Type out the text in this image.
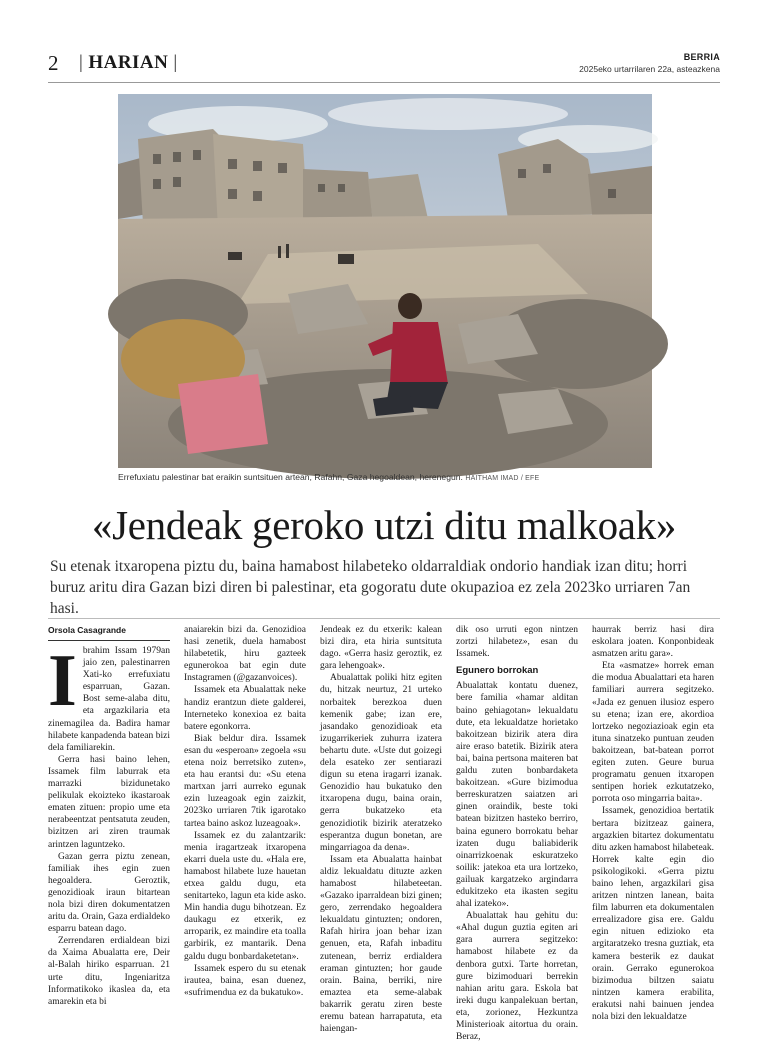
2 | HARIAN |	BERRIA
2025eko urtarrilaren 22a, asteazkena
Errefuxiatu palestinar bat eraikin suntsituen artean, Rafahn, Gaza hegoaldean, herenegun. HAITHAM IMAD / EFE
«Jendeak geroko utzi ditu malkoak»
Su etenak itxaropena piztu du, baina hamabost hilabeteko oldarraldiak ondorio handiak izan ditu; horri buruz aritu dira Gazan bizi diren bi palestinar, eta gogoratu dute okupazioa ez zela 2023ko urriaren 7an hasi.
Orsola Casagrande
I brahim Issam 1979an jaio zen, palestinarren Xati-ko errefuxiatu esparruan, Gazan. Bost seme-alaba ditu, eta argazkilaria eta zinemagilea da. Badira hamar hilabete kanpadenda batean bizi dela familiarekin.

Gerra hasi baino lehen, Issamek film laburrak eta marrazki bizidunetako pelikulak ekoizteko ikastaroak ematen zituen: propio ume eta nerabeentzat pentsatuta zeuden, bizitzen ari ziren traumak arintzen laguntzeko.

Gazan gerra piztu zenean, familiak ihes egin zuen hegoaldera. Geroztik, genozidioak iraun bitartean nola bizi diren dokumentatzen aritu da. Orain, Gaza erdialdeko esparru batean dago.

Zerrendaren erdialdean bizi da Xaima Abualatta ere, Deir al-Balah hiriko esparruan. 21 urte ditu, Ingeniaritza Informatikoko ikaslea da, eta amarekin eta bi

anaiarekin bizi da. Genozidioa hasi zenetik, duela hamabost hilabetetik, hiru gazteek egunerokoa bat egin dute Instagramen (@gazanvoices).

Issamek eta Abualattak neke handiz erantzun diete galderei, Interneteko konexioa ez baita batere egonkorra.

Biak beldur dira. Issamek esan du «esperoan» zegoela «su etena noiz berretsiko zuten», eta hau erantsi du: «Su etena martxan jarri aurreko egunak ezin luzeagoak egin zaizkit, 2023ko urriaren 7tik igarotako tartea baino askoz luzeagoak».

Issamek ez du zalantzarik: menia iragartzeak itxaropena ekarri duela uste du. «Hala ere, hamabost hilabete luze hauetan etxea galdu dugu, eta senitarteko, lagun eta kide asko. Min handia dugu bihotzean. Ez daukagu ez etxerik, ez arroparik, ez maindire eta toalla garbirik, ez mantarik. Dena galdu dugu bonbardaketetan».

Issamek espero du su etenak irautea, baina, esan duenez, «sufrimendua ez da bukatuko».

Jendeak ez du etxerik: kalean bizi dira, eta hiria suntsituta dago. «Gerra hasiz geroztik, ez gara lehengoak».

Abualattak poliki hitz egiten du, hitzak neurtuz, 21 urteko norbaitek berezkoa duen kemenik gabe; izan ere, jasandako genozidioak eta izugarrikeriek zuhurra izatera behartu dute. «Uste dut goizegi dela esateko zer sentiarazi digun su etena iragarri izanak. Genozidio hau bukatuko den itxaropena dugu, baina orain, gerra bukatzeko eta genozidiotik bizirik ateratzeko esperantza dugun bonetan, are mingarriagoa da dena».

Issam eta Abualatta hainbat aldiz lekualdatu dituzte azken hamabost hilabeteetan. «Gazako iparraldean bizi ginen; gero, zerrendako hegoaldera lekualdatu gintuzten; ondoren, Rafah hirira joan behar izan genuen, eta, Rafah inbaditu zutenean, berriz erdialdera eraman gintuzten; hor gaude orain. Baina, berriki, nire emaztea eta seme-alabak bakarrik geratu ziren beste eremu batean harrapatuta, eta haiengan-

dik oso urruti egon nintzen zortzi hilabetez», esan du Issamek.

Egunero borrokan

Abualattak kontatu duenez, bere familia «hamar alditan baino gehiagotan» lekualdatu dute, eta lekualdatze horietako bakoitzean bizirik atera dira aire eraso batetik. Bizirik atera bai, baina pertsona maiteren bat galdu zuten bonbardaketa bakoitzean. «Gure bizimodua berreskuratzen saiatzen ari ginen oraindik, beste toki batean bizitzen hasteko berriro, baina egunero borrokatu behar izaten dugu baliabiderik oinarrizkoenak eskuratzeko soilik: jatekoa eta ura lortzeko, gailuak kargatzeko argindarra edukitzeko eta ikasten segitu ahal izateko».

Abualattak hau gehitu du: «Ahal dugun guztia egiten ari gara aurrera segitzeko: hamabost hilabete ez da denbora gutxi. Tarte horretan, gure bizimoduari berrekin nahian aritu gara. Eskola bat ireki dugu kanpalekuan bertan, eta, zorionez, Hezkuntza Ministerioak aitortua du orain. Beraz,

haurrak berriz hasi dira eskolara joaten. Konponbideak asmatzen aritu gara».

Eta «asmatze» horrek eman die modua Abualattari eta haren familiari aurrera segitzeko. «Jada ez genuen ilusioz espero su etena; izan ere, akordioa lortzeko negoziazioak egin eta ituna sinatzeko puntuan zeuden bakoitzean, bat-batean porrot egiten zuten. Geure burua programatu genuen itxaropen sentipen horiek ezkutatzeko, porrota oso mingarria baita».

Issamek, genozidioa bertatik bertara bizitzeaz gainera, argazkien bitartez dokumentatu ditu azken hamabost hilabeteak. Horrek kalte egin dio psikologikoki. «Gerra piztu baino lehen, argazkilari gisa aritzen nintzen lanean, baita film laburren eta dokumentalen errealizadore gisa ere. Galdu egin nituen edizioko eta argitaratzeko tresna guztiak, eta kamera besterik ez daukat orain. Gerrako egunerokoa bizimodua biltzen saiatu nintzen kamera erabilita, erakutsi nahi bainuen jendea nola bizi den lekualdatze
